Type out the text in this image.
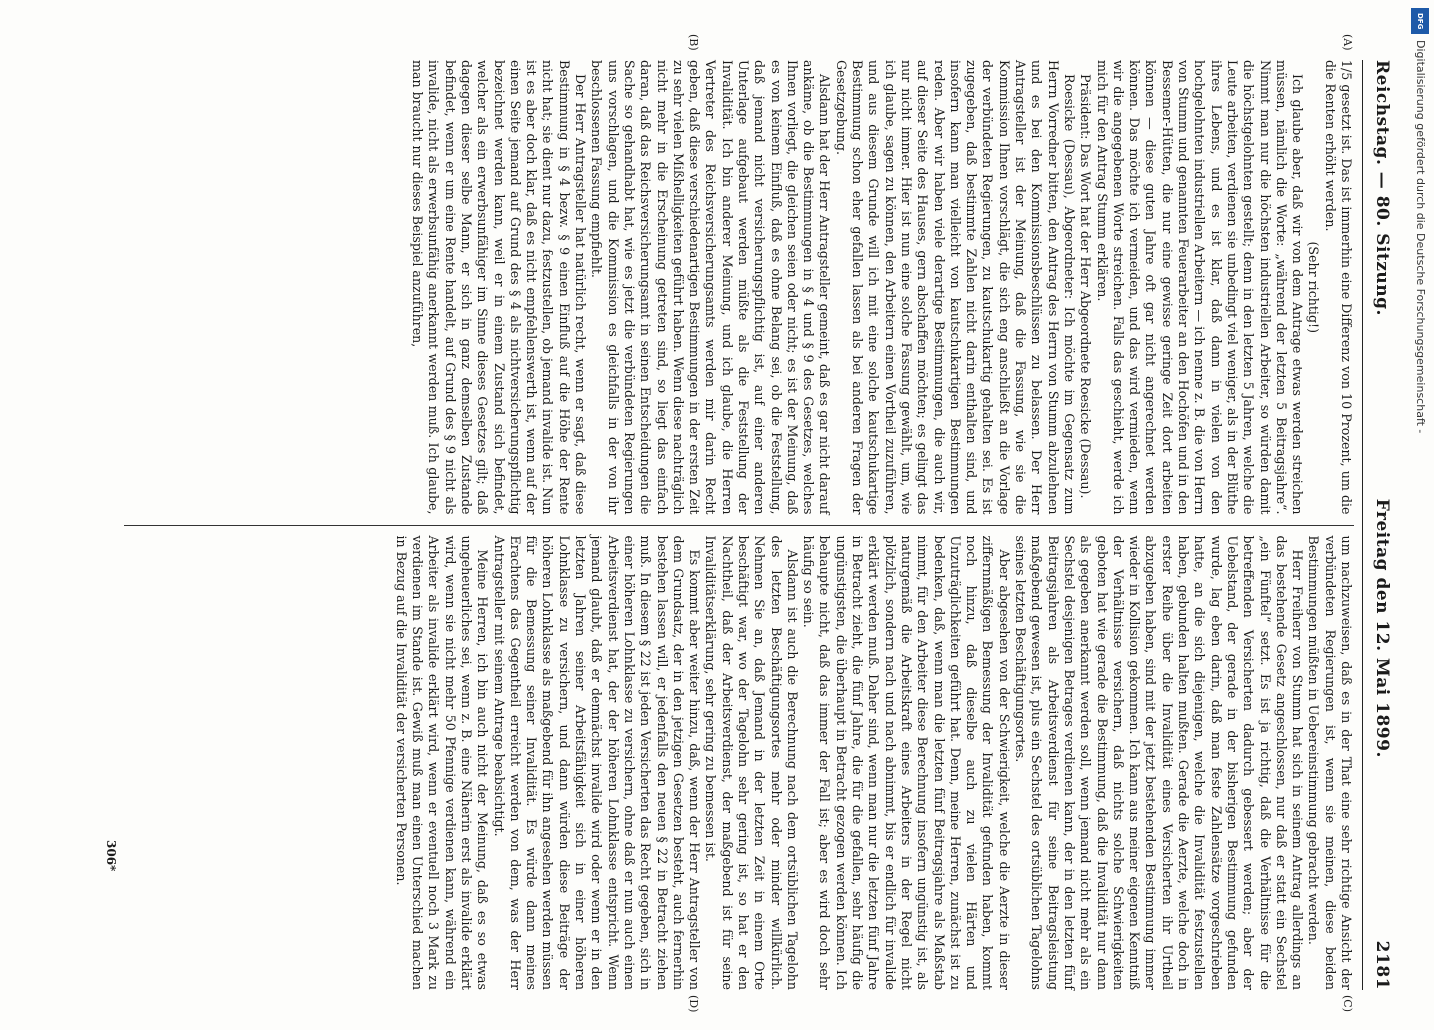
Reichstag. — 80. Sitzung.
Freitag den 12. Mai 1899.
2181

1/5 gesetzt ist. Das ist immerhin eine Differenz von 10 Prozent, um die die Renten erhöht werden.

(Sehr richtig!)

Ich glaube aber, daß wir von dem Antrage etwas werden streichen müssen, nämlich die Worte: „während der letzten 5 Beitragsjahre“. Nimmt man nur die höchsten industriellen Arbeiter, so würden damit die höchstgelohnten gestellt; denn in den letzten 5 Jahren, welche die Leute arbeiten, verdienen sie unbedingt viel weniger, als in der Blüthe ihres Lebens, und es ist klar, daß dann in vielen von den hochgelohnten industriellen Arbeitern — ich nenne z. B. die von Herrn von Stumm und genannten Feuerarbeiter an den Hochöfen und in den Bessemer-Hütten, die nur eine gewisse geringe Zeit dort arbeiten können — diese guten Jahre oft gar nicht angerechnet werden können. Das möchte ich vermeiden, und das wird vermieden, wenn wir die angegebenen Worte streichen. Falls das geschieht, werde ich mich für den Antrag Stumm erklären.

Präsident: Das Wort hat der Herr Abgeordnete Roesicke (Dessau).

Roesicke (Dessau), Abgeordneter: Ich möchte im Gegensatz zum Herrn Vorredner bitten, den Antrag des Herrn von Stumm abzulehnen und es bei den Kommissionsbeschlüssen zu belassen. Der Herr Antragsteller ist der Meinung, daß die Fassung, wie sie die Kommission Ihnen vorschlägt, die sich eng anschließt an die Vorlage der verbündeten Regierungen, zu kautschukartig gehalten sei. Es ist zugegeben, daß bestimmte Zahlen nicht darin enthalten sind, und insofern kann man vielleicht von kautschukartigen Bestimmungen reden. Aber wir haben viele derartige Bestimmungen, die auch wir, auf dieser Seite des Hauses, gern abschaffen möchten; es gelingt das nur nicht immer. Hier ist nun eine solche Fassung gewählt, um, wie ich glaube, sagen zu können, den Arbeitern einen Vortheil zuzuführen, und aus diesem Grunde will ich mit eine solche kautschukartige Bestimmung schon eher gefallen lassen als bei anderen Fragen der Gesetzgebung.

Alsdann hat der Herr Antragsteller gemeint, daß es gar nicht darauf ankäme, ob die Bestimmungen in § 4 und § 9 des Gesetzes, welches Ihnen vorliegt, die gleichen seien oder nicht; es ist der Meinung, daß es von keinem Einfluß, daß es ohne Belang sei, ob die Feststellung, daß jemand nicht versicherungspflichtig ist, auf einer anderen Unterlage aufgebaut werden müßte als die Feststellung der Invalidität. Ich bin anderer Meinung, und ich glaube, die Herren Vertreter des Reichsversicherungsamts werden mir darin Recht geben, daß diese verschiedenartigen Bestimmungen in der ersten Zeit zu sehr vielen Mißhelligkeiten geführt haben. Wenn diese nachträglich nicht mehr in die Erscheinung getreten sind, so liegt das einfach daran, daß das Reichsversicherungsamt in seinen Entscheidungen die Sache so gehandhabt hat, wie es jetzt die verbündeten Regierungen uns vorschlagen, und die Kommission es gleichfalls in der von ihr beschlossenen Fassung empfiehlt.

Der Herr Antragsteller hat natürlich recht, wenn er sagt, daß diese Bestimmung in § 4 bezw. § 9 einen Einfluß auf die Höhe der Rente nicht hat; sie dient nur dazu, festzustellen, ob jemand invalide ist. Nun ist es aber doch klar, daß es nicht empfehlenswerth ist, wenn auf der einen Seite jemand auf Grund des § 4 als nichtversicherungspflichtig bezeichnet werden kann, weil er in einem Zustand sich befindet, welcher als ein erwerbsunfähiger im Sinne dieses Gesetzes gilt; daß dagegen dieser selbe Mann, er sich in ganz demselben Zustande befindet, wenn er um eine Rente handelt, auf Grund des § 9 nicht als invalide, nicht als erwerbsunfähig anerkannt werden muß. Ich glaube, man braucht nur dieses Beispiel anzuführen,

um nachzuweisen, daß es in der That eine sehr richtige Ansicht der verbündeten Regierungen ist, wenn sie meinen, diese beiden Bestimmungen müßten in Uebereinstimmung gebracht werden.

Herr Freiherr von Stumm hat sich in seinem Antrag allerdings an das bestehende Gesetz angeschlossen, nur daß er statt ein Sechstel „ein Fünftel“ setzt. Es ist ja richtig, daß die Verhältnisse für die betreffenden Versicherten dadurch gebessert werden; aber der Uebelstand, der gerade in der bisherigen Bestimmung gefunden wurde, lag eben darin, daß man feste Zahlensätze vorgeschrieben hatte, an die sich diejenigen, welche die Invalidität festzustellen haben, gebunden halten mußten. Gerade die Aerzte, welche doch in erster Reihe über die Invalidität eines Versicherten ihr Urtheil abzugeben haben, sind mit der jetzt bestehenden Bestimmung immer wieder in Kollision gekommen. Ich kann aus meiner eigenen Kenntniß der Verhältnisse versichern, daß nichts solche Schwierigkeiten geboten hat wie gerade die Bestimmung, daß die Invalidität nur dann als gegeben anerkannt werden soll, wenn jemand nicht mehr als ein Sechstel desjenigen Betrages verdienen kann, der in den letzten fünf Beitragsjahren als Arbeitsverdienst für seine Beitragsleistung maßgebend gewesen ist, plus ein Sechstel des ortsüblichen Tagelohns seines letzten Beschäftigungsortes.

Aber abgesehen von der Schwierigkeit, welche die Aerzte in dieser ziffernmäßigen Bemessung der Invalidität gefunden haben, kommt noch hinzu, daß dieselbe auch zu vielen Härten und Unzuträglichkeiten geführt hat. Denn, meine Herren, zunächst ist zu bedenken, daß, wenn man die letzten fünf Beitragsjahre als Maßstab nimmt, für den Arbeiter diese Berechnung insofern ungünstig ist, als naturgemäß die Arbeitskraft eines Arbeiters in der Regel nicht plötzlich, sondern nach und nach abnimmt, bis er endlich für invalide erklärt werden muß. Daher sind, wenn man nur die letzten fünf Jahre in Betracht zieht, die fünf Jahre, die für die gefallen, sehr häufig die ungünstigsten, die überhaupt in Betracht gezogen werden können. Ich behaupte nicht, daß das immer der Fall ist; aber es wird doch sehr häufig so sein.

Alsdann ist auch die Berechnung nach dem ortsüblichen Tagelohn des letzten Beschäftigungsortes mehr oder minder willkürlich. Nehmen Sie an, daß Jemand in der letzten Zeit in einem Orte beschäftigt war, wo der Tagelohn sehr gering ist, so hat er den Nachtheil, daß der Arbeitsverdienst, der maßgebend ist für seine Invaliditätserklärung, sehr gering zu bemessen ist.

Es kommt aber weiter hinzu, daß, wenn der Herr Antragsteller von dem Grundsatz, der in den jetzigen Gesetzen besteht, auch fernerhin bestehen lassen will, er jedenfalls den neuen § 22 in Betracht ziehen muß. In diesem § 22 ist jeden Versicherten das Recht gegeben, sich in einer höheren Lohnklasse zu versichern, ohne daß er nun auch einen Arbeitsverdienst hat, der der höheren Lohnklasse entspricht. Wenn jemand glaubt, daß er demnächst invalide wird oder wenn er in den letzten Jahren seiner Arbeitsfähigkeit sich in einer höheren Lohnklasse zu versichern, und dann würden diese Beiträge der höheren Lohnklasse als maßgebend für ihn angesehen werden müssen für die Bemessung seiner Invalidität. Es würde dann meines Erachtens das Gegentheil erreicht werden von dem, was der Herr Antragsteller mit seinem Antrage beabsichtigt.

Meine Herren, ich bin auch nicht der Meinung, daß es so etwas ungeheuerliches sei, wenn z. B. eine Näherin erst als invalide erklärt wird, wenn sie nicht mehr 50 Pfennige verdienen kann, während ein Arbeiter als invalide erklärt wird, wenn er eventuell noch 3 Mark zu verdienen im Stande ist. Gewiß muß man einen Unterschied machen in Bezug auf die Invalidität der versicherten Personen.

(A)
(B)
(C)
(D)
306*
DFG
Digitalisierung gefördert durch die Deutsche Forschungsgemeinschaft -
